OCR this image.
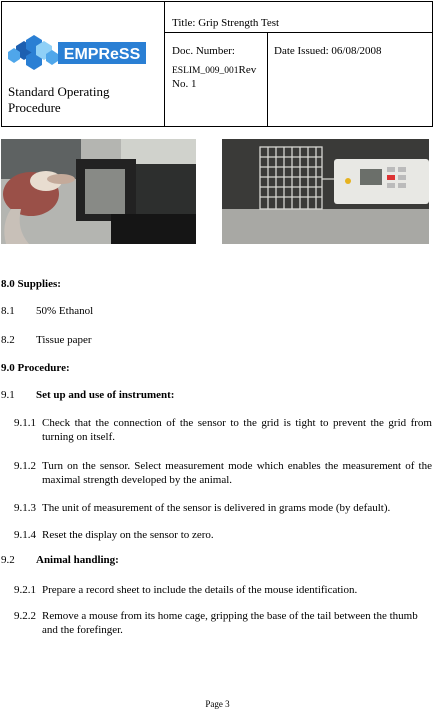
EMPReSS
Standard Operating Procedure
Title: Grip Strength Test
Doc. Number:
ESLIM_009_001Rev
No. 1
Date Issued: 06/08/2008
8.0 Supplies:
8.1 50% Ethanol
8.2 Tissue paper
9.0 Procedure:
9.1 Set up and use of instrument:
9.1.1 Check that the connection of the sensor to the grid is tight to prevent the grid from turning on itself.
9.1.2 Turn on the sensor. Select measurement mode which enables the measurement of the maximal strength developed by the animal.
9.1.3 The unit of measurement of the sensor is delivered in grams mode (by default).
9.1.4 Reset the display on the sensor to zero.
9.2 Animal handling:
9.2.1 Prepare a record sheet to include the details of the mouse identification.
9.2.2 Remove a mouse from its home cage, gripping the base of the tail between the thumb and the forefinger.
Page 3
